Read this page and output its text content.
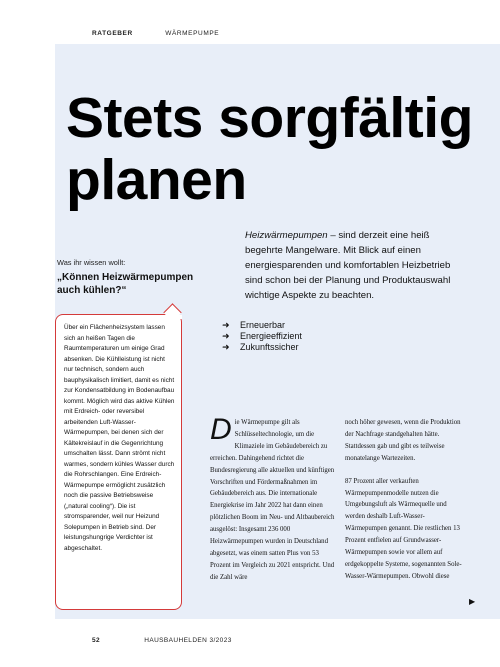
RATGEBER	WÄRMEPUMPE
Stets sorgfältig
planen
Heizwärmepumpen – sind derzeit eine heiß begehrte Mangelware. Mit Blick auf einen energiesparenden und komfortablen Heizbetrieb sind schon bei der Planung und Produktauswahl wichtige Aspekte zu beachten.
Was ihr wissen wollt:
„Können Heizwärmepumpen auch kühlen?“
Über ein Flächenheizsystem lassen sich an heißen Tagen die Raumtemperaturen um einige Grad absenken. Die Kühlleistung ist nicht nur technisch, sondern auch bauphysikalisch limitiert, damit es nicht zur Kondensatbildung im Bodenaufbau kommt. Möglich wird das aktive Kühlen mit Erdreich- oder reversibel arbeitenden Luft-Wasser-Wärmepumpen, bei denen sich der Kältekreislauf in die Gegenrichtung umschalten lässt. Dann strömt nicht warmes, sondern kühles Wasser durch die Rohrschlangen. Eine Erdreich-Wärmepumpe ermöglicht zusätzlich noch die passive Betriebsweise („natural cooling“). Die ist stromsparender, weil nur Heizund Solepumpen in Betrieb sind. Der leistungshungrige Verdichter ist abgeschaltet.
➜	Erneuerbar
➜	Energieeffizient
➜	Zukunftssicher
Die Wärmepumpe gilt als Schlüsseltechnologie, um die Klimaziele im Gebäudebereich zu erreichen. Dahingehend richtet die Bundesregierung alle aktuellen und künftigen Vorschriften und Fördermaßnahmen im Gebäudebereich aus. Die internationale Energiekrise im Jahr 2022 hat dann einen plötzlichen Boom im Neu- und Altbaubereich ausgelöst: Insgesamt 236 000 Heizwärmepumpen wurden in Deutschland abgesetzt, was einem satten Plus von 53 Prozent im Vergleich zu 2021 entspricht. Und die Zahl wäre

noch höher gewesen, wenn die Produktion der Nachfrage standgehalten hätte. Stattdessen gab und gibt es teilweise monatelange Wartezeiten.

87 Prozent aller verkauften Wärmepumpenmodelle nutzen die Umgebungsluft als Wärmequelle und werden deshalb Luft-Wasser-Wärmepumpen genannt. Die restlichen 13 Prozent entfielen auf Grundwasser-Wärmepumpen sowie vor allem auf erdgekoppelte Systeme, sogenannten Sole-Wasser-Wärmepumpen. Obwohl diese

▶
52	HAUSBAUHELDEN 3/2023
